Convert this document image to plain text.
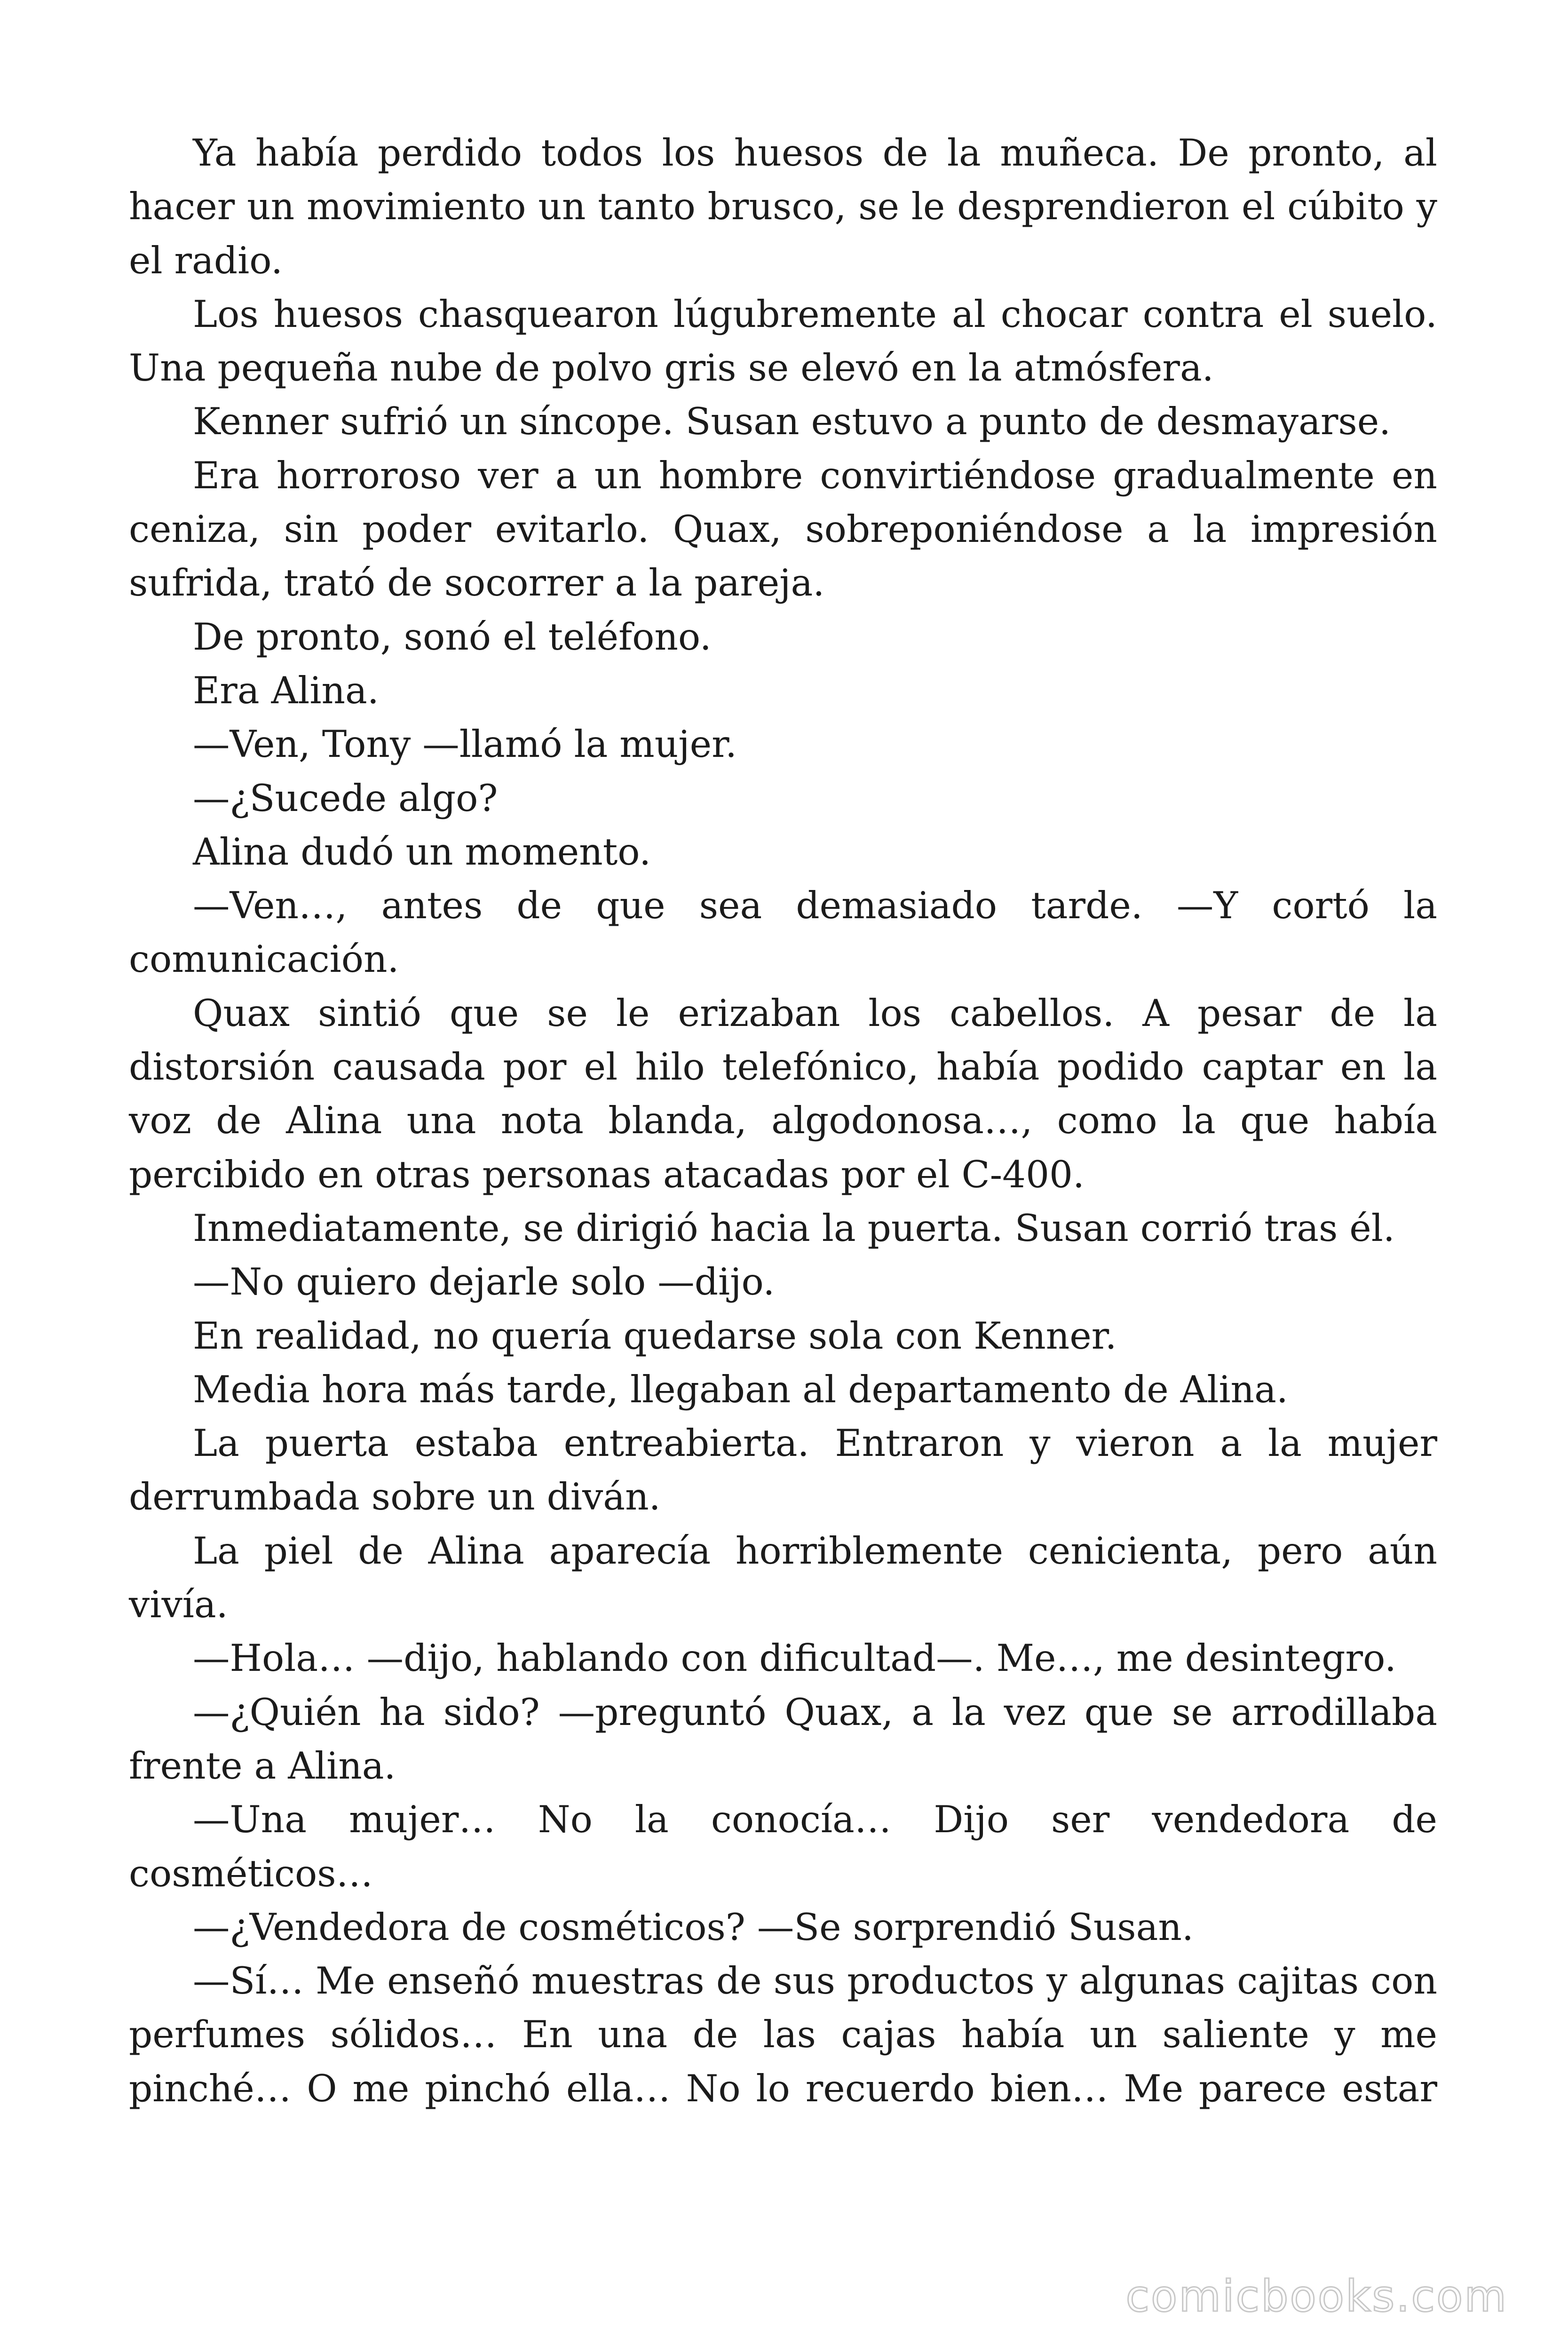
Ya había perdido todos los huesos de la muñeca. De pronto, al hacer un movimiento un tanto brusco, se le desprendieron el cúbito y el radio.

Los huesos chasquearon lúgubremente al chocar contra el suelo. Una pequeña nube de polvo gris se elevó en la atmósfera.

Kenner sufrió un síncope. Susan estuvo a punto de desmayarse.

Era horroroso ver a un hombre convirtiéndose gradualmente en ceniza, sin poder evitarlo. Quax, sobreponiéndose a la impresión sufrida, trató de socorrer a la pareja.

De pronto, sonó el teléfono.

Era Alina.

—Ven, Tony —llamó la mujer.

—¿Sucede algo?

Alina dudó un momento.

—Ven…, antes de que sea demasiado tarde. —Y cortó la comunicación.

Quax sintió que se le erizaban los cabellos. A pesar de la distorsión causada por el hilo telefónico, había podido captar en la voz de Alina una nota blanda, algodonosa…, como la que había percibido en otras personas atacadas por el C-400.

Inmediatamente, se dirigió hacia la puerta. Susan corrió tras él.

—No quiero dejarle solo —dijo.

En realidad, no quería quedarse sola con Kenner.

Media hora más tarde, llegaban al departamento de Alina.

La puerta estaba entreabierta. Entraron y vieron a la mujer derrumbada sobre un diván.

La piel de Alina aparecía horriblemente cenicienta, pero aún vivía.

—Hola… —dijo, hablando con dificultad—. Me…, me desintegro.

—¿Quién ha sido? —preguntó Quax, a la vez que se arrodillaba frente a Alina.

—Una mujer… No la conocía… Dijo ser vendedora de cosméticos…

—¿Vendedora de cosméticos? —Se sorprendió Susan.

—Sí… Me enseñó muestras de sus productos y algunas cajitas con perfumes sólidos… En una de las cajas había un saliente y me pinché… O me pinchó ella… No lo recuerdo bien… Me parece estar

comicbooks.com
